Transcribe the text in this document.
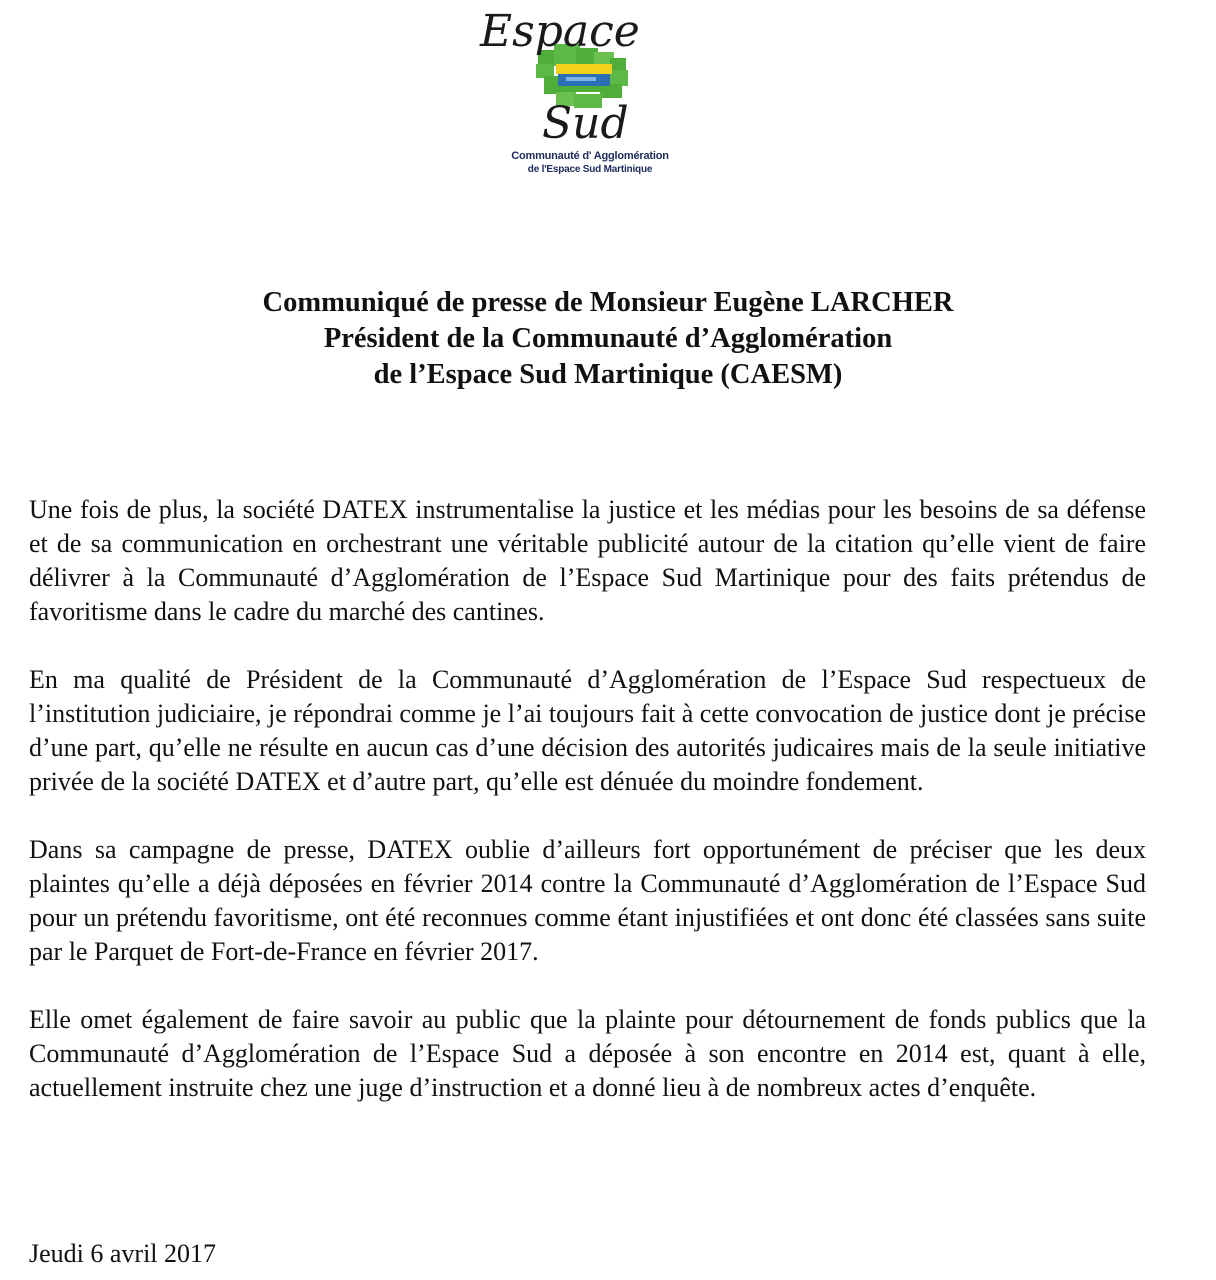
Espace
Sud
Communauté d' Agglomération
de l'Espace Sud Martinique
Communiqué de presse de Monsieur Eugène LARCHER
Président de la Communauté d’Agglomération
de l’Espace Sud Martinique (CAESM)

Une fois de plus, la société DATEX instrumentalise la justice et les médias pour les besoins de sa défense et de sa communication en orchestrant une véritable publicité autour de la citation qu’elle vient de faire délivrer à la Communauté d’Agglomération de l’Espace Sud Martinique pour des faits prétendus de favoritisme dans le cadre du marché des cantines.

En ma qualité de Président de la Communauté d’Agglomération de l’Espace Sud respectueux de l’institution judiciaire, je répondrai comme je l’ai toujours fait à cette convocation de justice dont je précise d’une part, qu’elle ne résulte en aucun cas d’une décision des autorités judicaires mais de la seule initiative privée de la société DATEX et d’autre part, qu’elle est dénuée du moindre fondement.

Dans sa campagne de presse, DATEX oublie d’ailleurs fort opportunément de préciser que les deux plaintes qu’elle a déjà déposées en février 2014 contre la Communauté d’Agglomération de l’Espace Sud pour un prétendu favoritisme, ont été reconnues comme étant injustifiées et ont donc été classées sans suite par le Parquet de Fort-de-France en février 2017.

Elle omet également de faire savoir au public que la plainte pour détournement de fonds publics que la Communauté d’Agglomération de l’Espace Sud a déposée à son encontre en 2014 est, quant à elle, actuellement instruite chez une juge d’instruction et a donné lieu à de nombreux actes d’enquête.

Jeudi 6 avril 2017
